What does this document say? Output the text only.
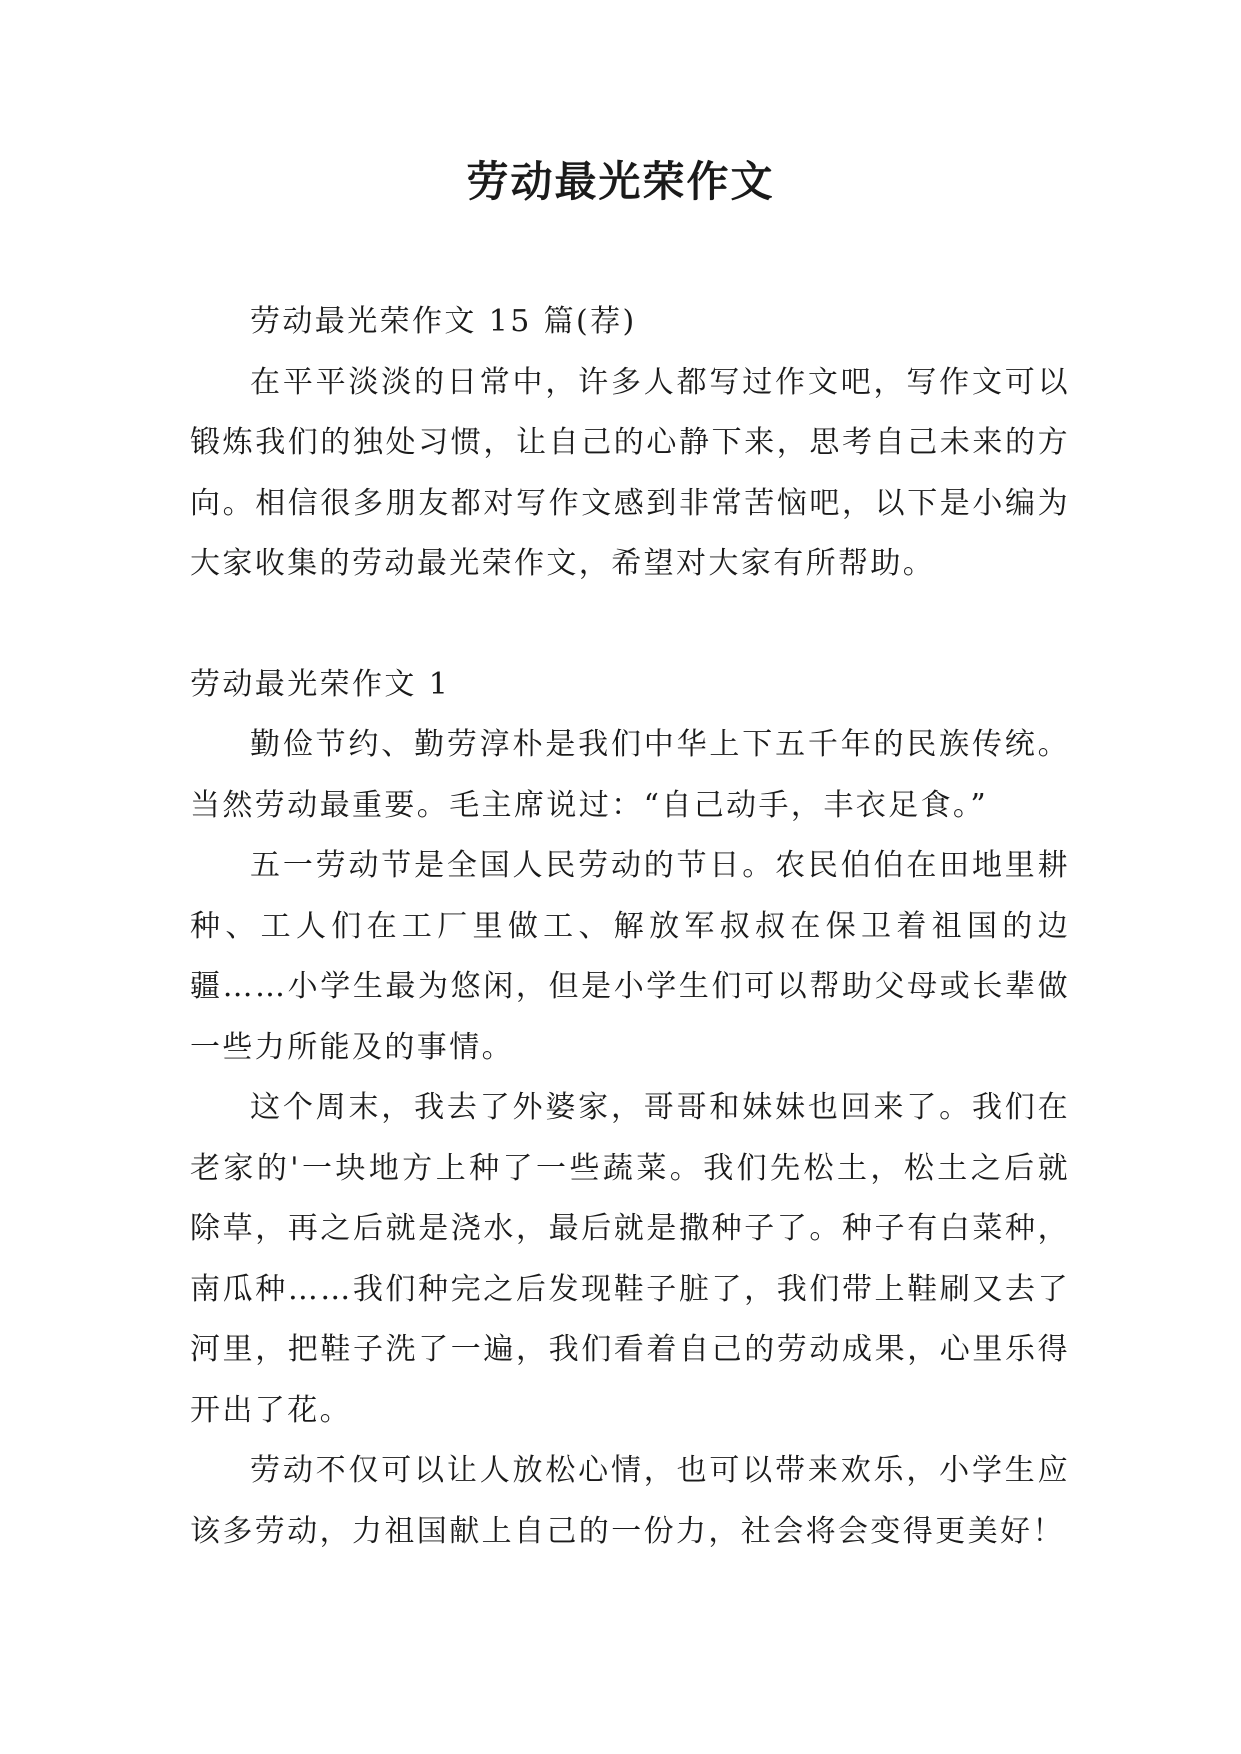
劳动最光荣作文

劳动最光荣作文 15 篇(荐)

在平平淡淡的日常中，许多人都写过作文吧，写作文可以锻炼我们的独处习惯，让自己的心静下来，思考自己未来的方向。相信很多朋友都对写作文感到非常苦恼吧，以下是小编为大家收集的劳动最光荣作文，希望对大家有所帮助。

劳动最光荣作文 1

勤俭节约、勤劳淳朴是我们中华上下五千年的民族传统。当然劳动最重要。毛主席说过：“自己动手，丰衣足食。”

五一劳动节是全国人民劳动的节日。农民伯伯在田地里耕种、工人们在工厂里做工、解放军叔叔在保卫着祖国的边疆……小学生最为悠闲，但是小学生们可以帮助父母或长辈做一些力所能及的事情。

这个周末，我去了外婆家，哥哥和妹妹也回来了。我们在老家的'一块地方上种了一些蔬菜。我们先松土，松土之后就除草，再之后就是浇水，最后就是撒种子了。种子有白菜种，南瓜种……我们种完之后发现鞋子脏了，我们带上鞋刷又去了河里，把鞋子洗了一遍，我们看着自己的劳动成果，心里乐得开出了花。

劳动不仅可以让人放松心情，也可以带来欢乐，小学生应该多劳动，力祖国献上自己的一份力，社会将会变得更美好！
